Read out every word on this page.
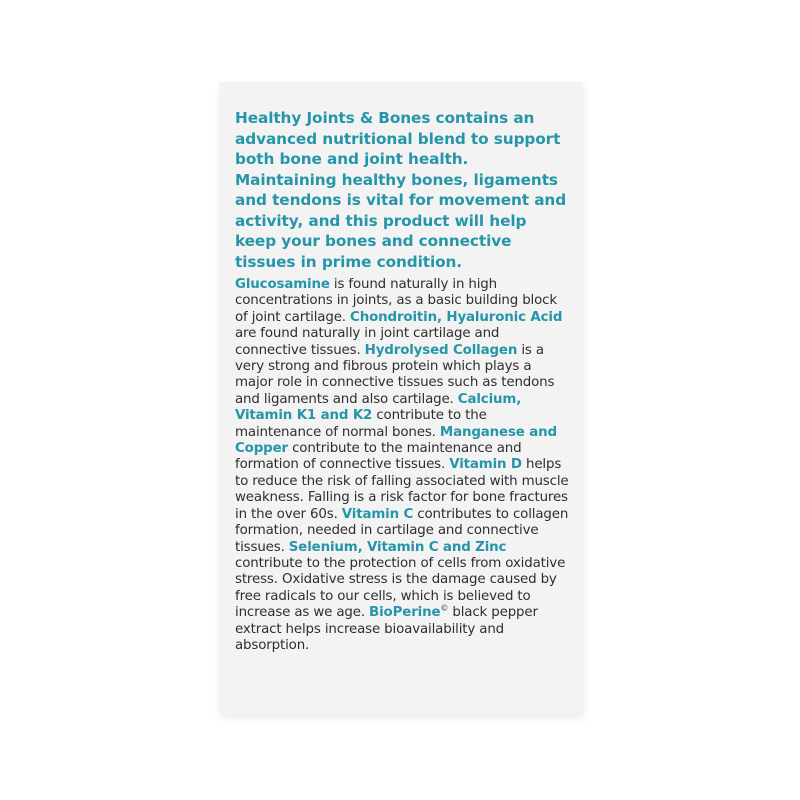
Healthy Joints & Bones contains an advanced nutritional blend to support both bone and joint health. Maintaining healthy bones, ligaments and tendons is vital for movement and activity, and this product will help keep your bones and connective tissues in prime condition.

Glucosamine is found naturally in high concentrations in joints, as a basic building block of joint cartilage. Chondroitin, Hyaluronic Acid are found naturally in joint cartilage and connective tissues. Hydrolysed Collagen is a very strong and fibrous protein which plays a major role in connective tissues such as tendons and ligaments and also cartilage. Calcium, Vitamin K1 and K2 contribute to the maintenance of normal bones. Manganese and Copper contribute to the maintenance and formation of connective tissues. Vitamin D helps to reduce the risk of falling associated with muscle weakness. Falling is a risk factor for bone fractures in the over 60s. Vitamin C contributes to collagen formation, needed in cartilage and connective tissues. Selenium, Vitamin C and Zinc contribute to the protection of cells from oxidative stress. Oxidative stress is the damage caused by free radicals to our cells, which is believed to increase as we age. BioPerine© black pepper extract helps increase bioavailability and absorption.
